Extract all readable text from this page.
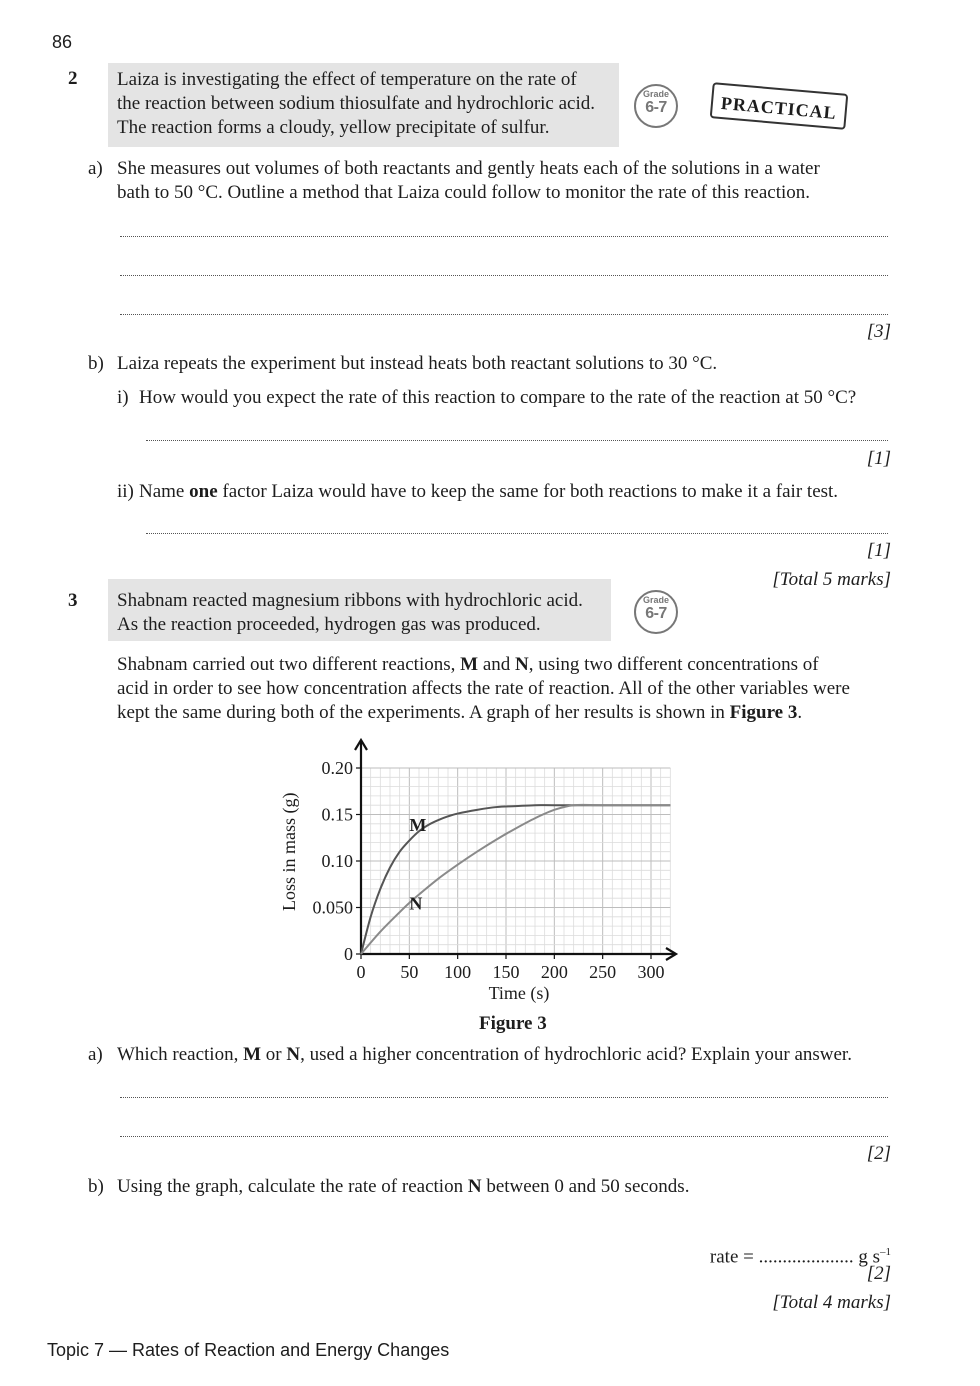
86
2 Laiza is investigating the effect of temperature on the rate of
the reaction between sodium thiosulfate and hydrochloric acid.
The reaction forms a cloudy, yellow precipitate of sulfur.
Grade
6-7	PRACTICAL
a) She measures out volumes of both reactants and gently heats each of the solutions in a water
bath to 50 °C. Outline a method that Laiza could follow to monitor the rate of this reaction.
[3]
b) Laiza repeats the experiment but instead heats both reactant solutions to 30 °C.
i) How would you expect the rate of this reaction to compare to the rate of the reaction at 50 °C?
[1]
ii) Name one factor Laiza would have to keep the same for both reactions to make it a fair test.
[1]
[Total 5 marks]
3 Shabnam reacted magnesium ribbons with hydrochloric acid.
As the reaction proceeded, hydrogen gas was produced.
Grade
6-7
Shabnam carried out two different reactions, M and N, using two different concentrations of
acid in order to see how concentration affects the rate of reaction. All of the other variables were
kept the same during both of the experiments. A graph of her results is shown in Figure 3.
0 50 100 150 200 250 300
0
0.050
0.10
0.15
0.20
Time (s)
Loss in mass (g)	M
N
Figure 3
a) Which reaction, M or N, used a higher concentration of hydrochloric acid? Explain your answer.
[2]
b) Using the graph, calculate the rate of reaction N between 0 and 50 seconds.
rate = .................... g $s^{-1}$
[2]
[Total 4 marks]
Topic 7 — Rates of Reaction and Energy Changes
